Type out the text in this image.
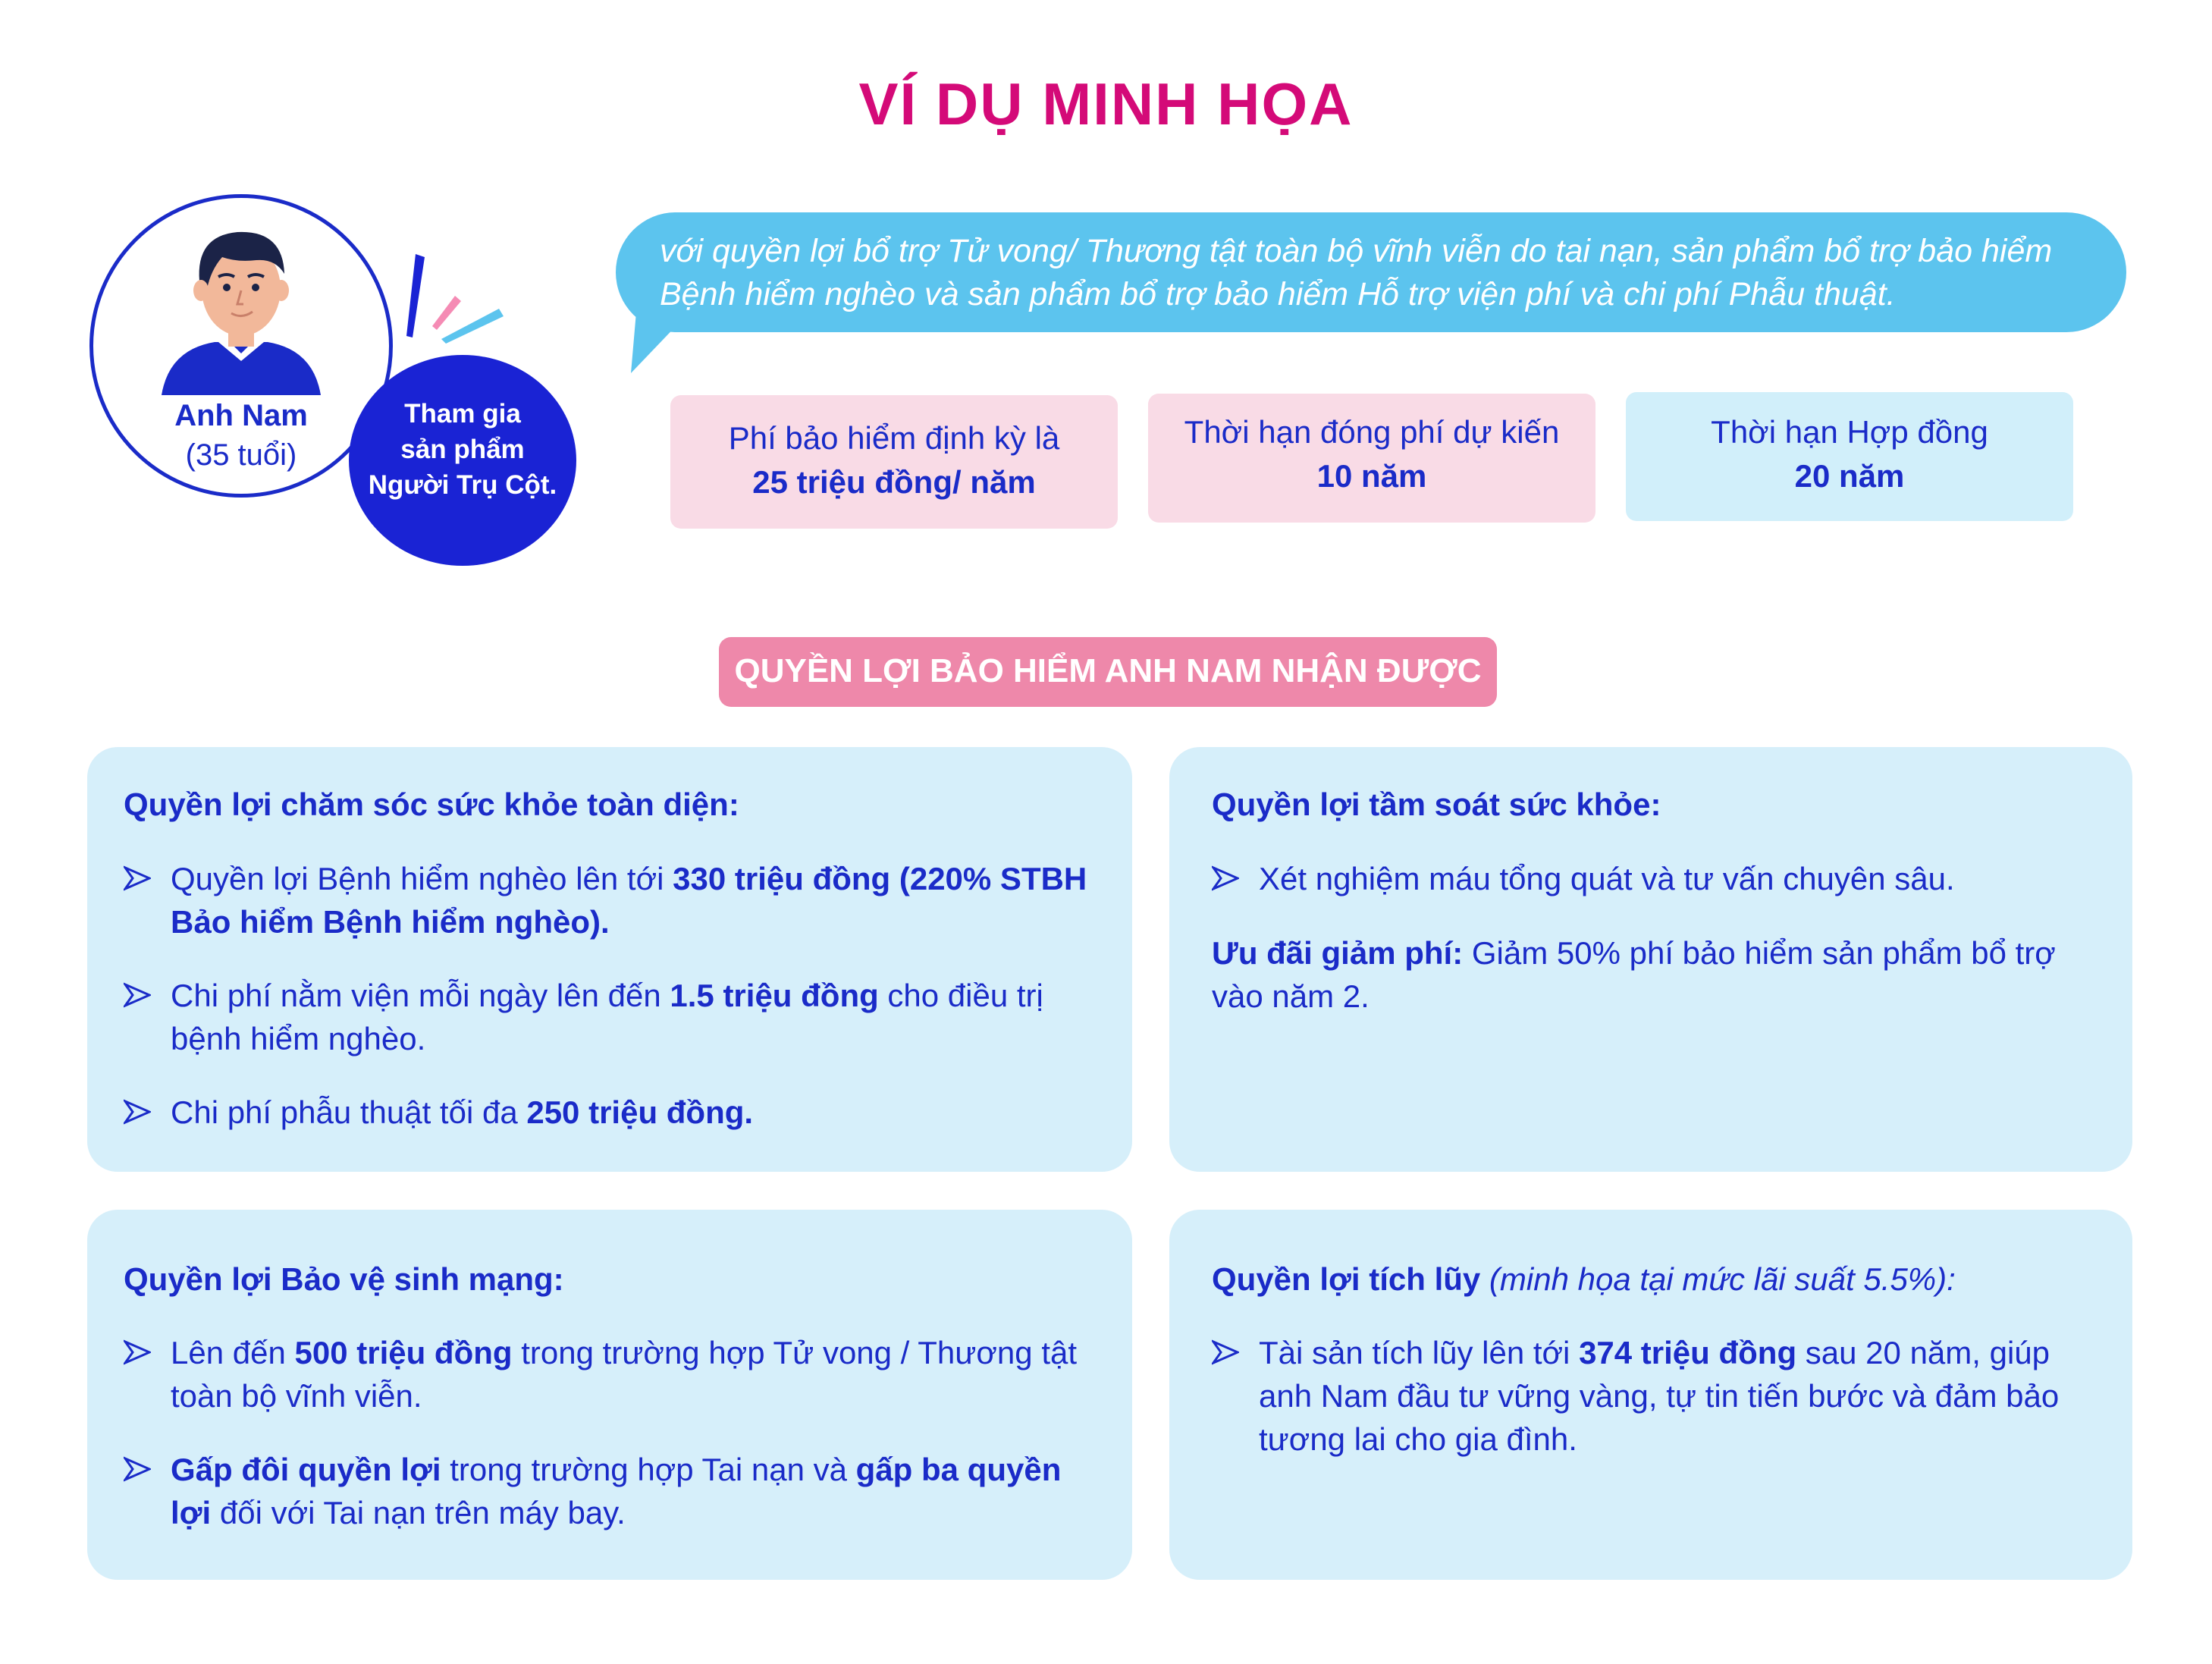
VÍ DỤ MINH HỌA
Anh Nam
(35 tuổi)
Tham gia
sản phẩm
Người Trụ Cột.
với quyền lợi bổ trợ Tử vong/ Thương tật toàn bộ vĩnh viễn do tai nạn, sản phẩm bổ trợ bảo hiểm
Bệnh hiểm nghèo và sản phẩm bổ trợ bảo hiểm Hỗ trợ viện phí và chi phí Phẫu thuật.
Phí bảo hiểm định kỳ là
25 triệu đồng/ năm
Thời hạn đóng phí dự kiến
10 năm
Thời hạn Hợp đồng
20 năm
QUYỀN LỢI BẢO HIỂM ANH NAM NHẬN ĐƯỢC
Quyền lợi chăm sóc sức khỏe toàn diện:
Quyền lợi Bệnh hiểm nghèo lên tới 330 triệu đồng (220% STBH Bảo hiểm Bệnh hiểm nghèo).
Chi phí nằm viện mỗi ngày lên đến 1.5 triệu đồng cho điều trị bệnh hiểm nghèo.
Chi phí phẫu thuật tối đa 250 triệu đồng.
Quyền lợi tầm soát sức khỏe:
Xét nghiệm máu tổng quát và tư vấn chuyên sâu.
Ưu đãi giảm phí: Giảm 50% phí bảo hiểm sản phẩm bổ trợ vào năm 2.
Quyền lợi Bảo vệ sinh mạng:
Lên đến 500 triệu đồng trong trường hợp Tử vong / Thương tật toàn bộ vĩnh viễn.
Gấp đôi quyền lợi trong trường hợp Tai nạn và gấp ba quyền lợi đối với Tai nạn trên máy bay.
Quyền lợi tích lũy (minh họa tại mức lãi suất 5.5%):
Tài sản tích lũy lên tới 374 triệu đồng sau 20 năm, giúp anh Nam đầu tư vững vàng, tự tin tiến bước và đảm bảo tương lai cho gia đình.
